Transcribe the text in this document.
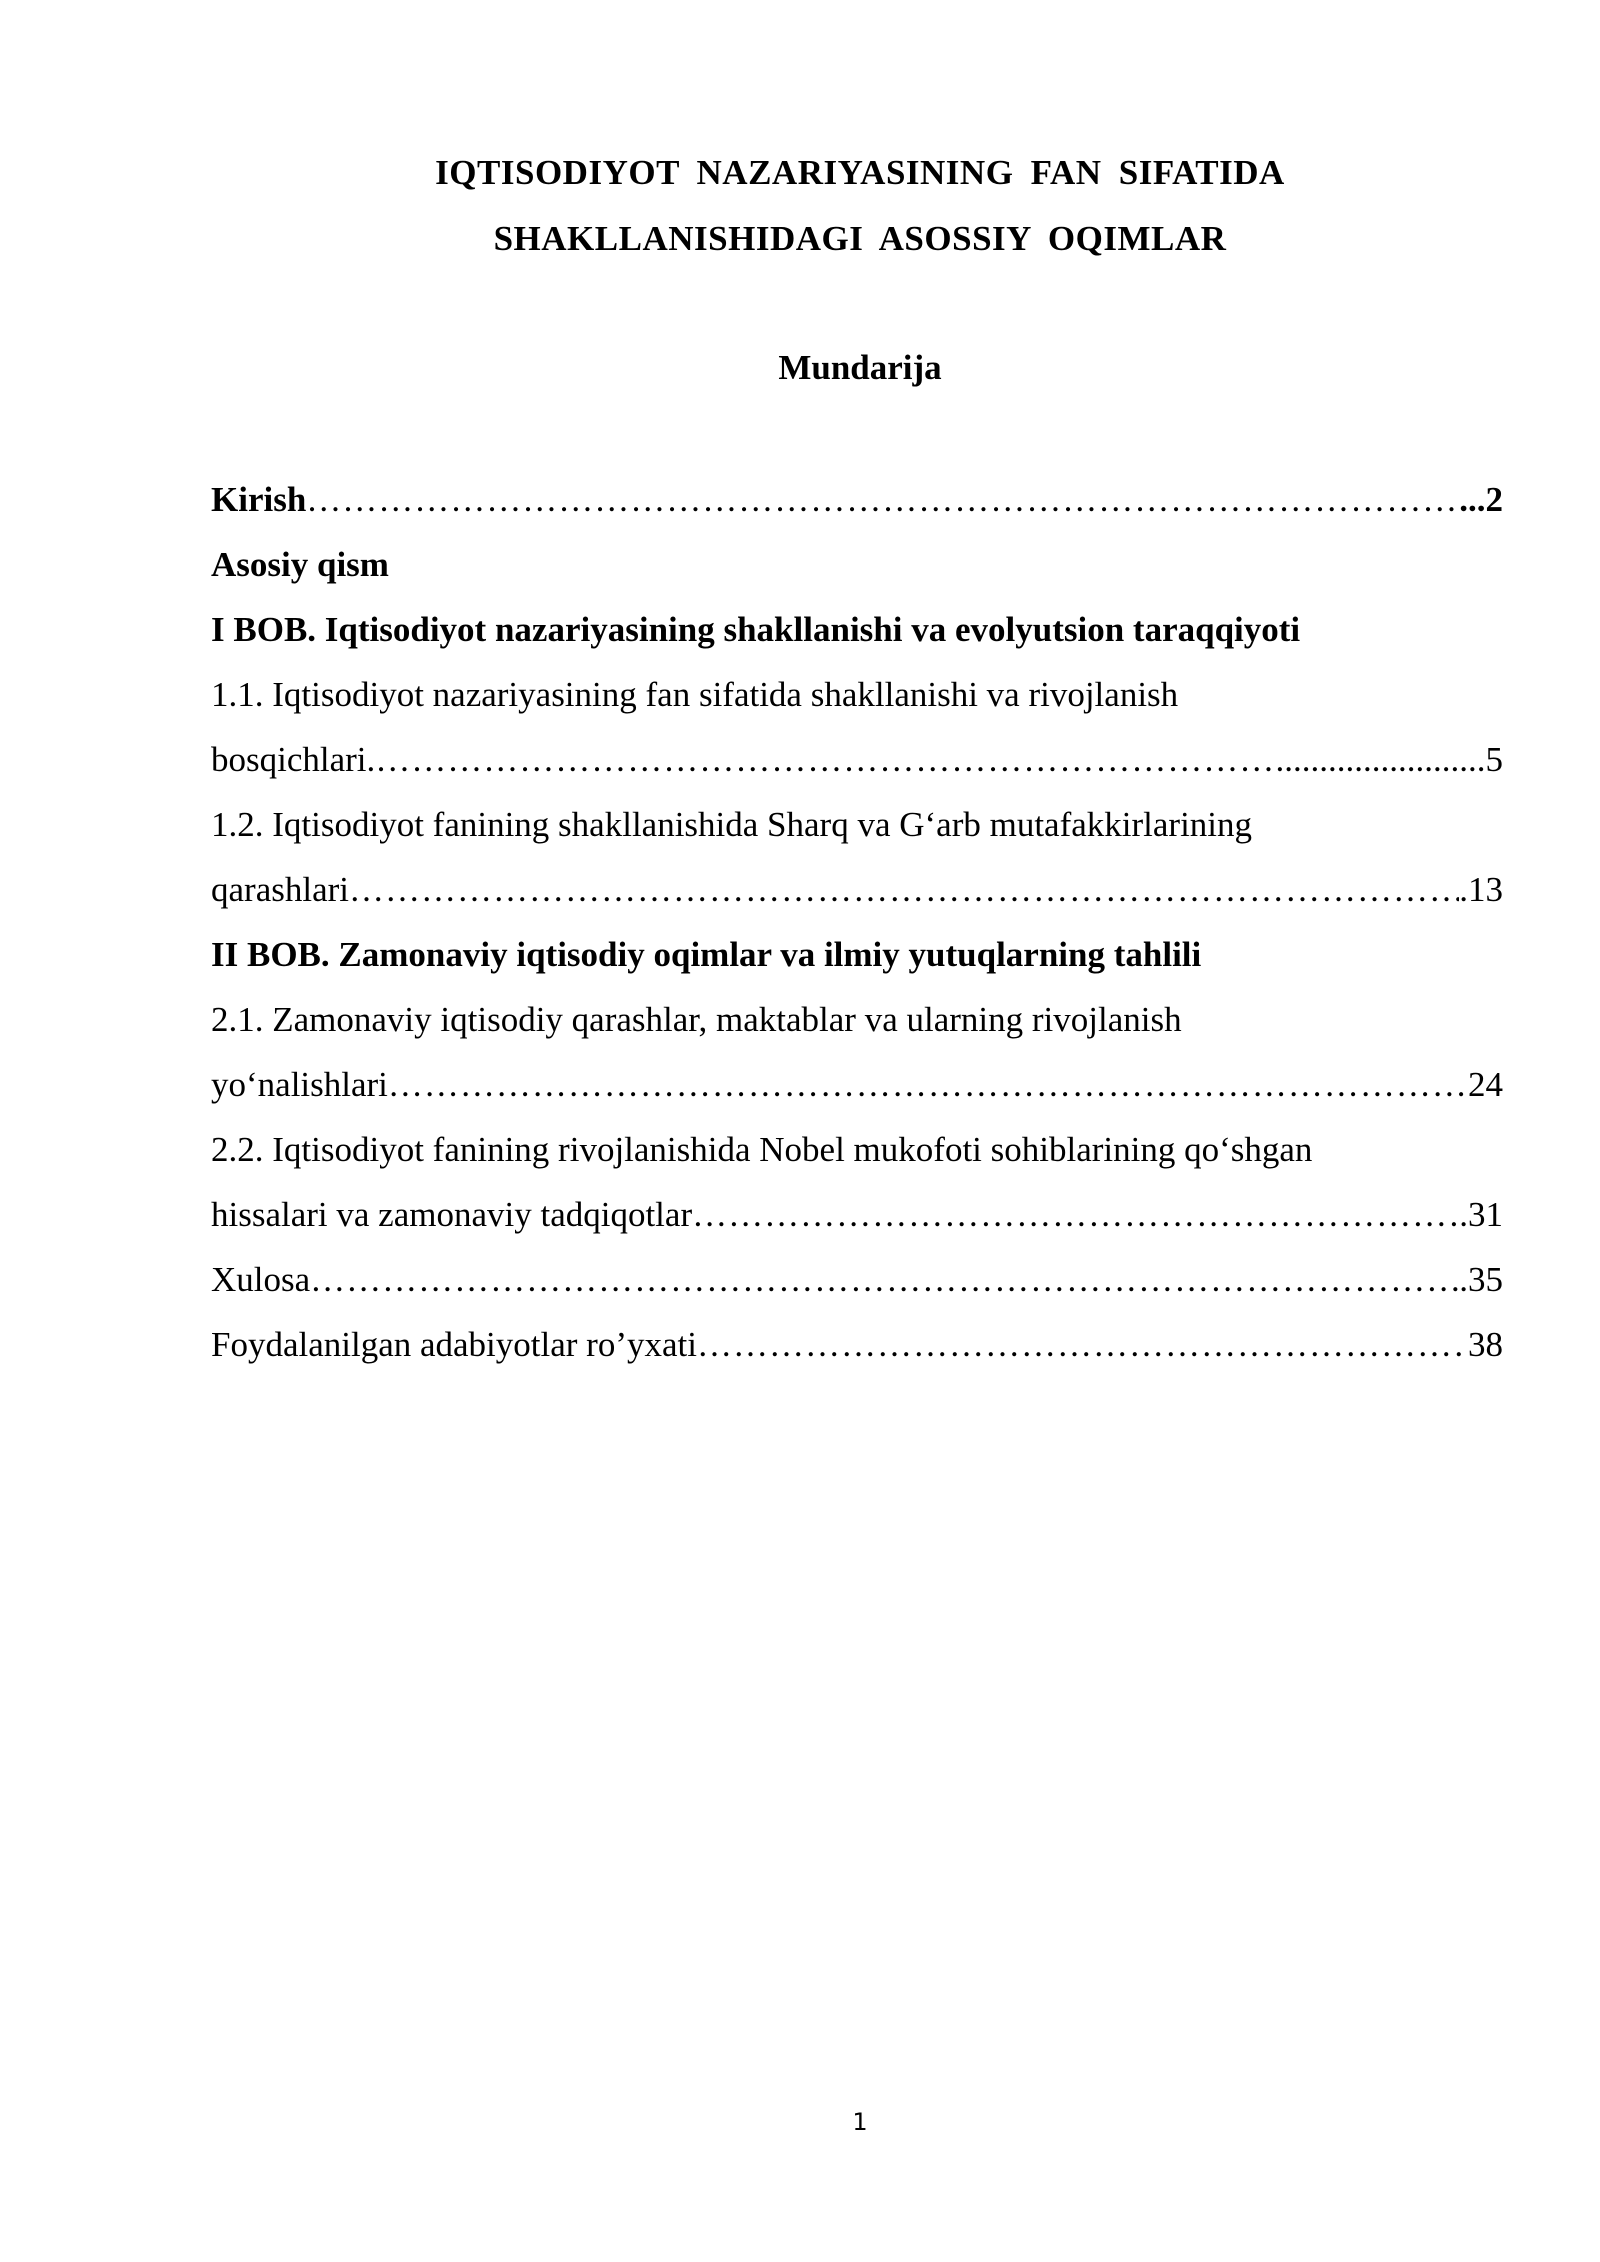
IQTISODIYOT NAZARIYASINING FAN SIFATIDA
SHAKLLANISHIDAGI ASOSSIY OQIMLAR
Mundarija
Kirish ……………………………………………………………………………………………………………………………………………………………	...2
Asosiy qism
I BOB. Iqtisodiyot nazariyasining shakllanishi va evolyutsion taraqqiyoti
1.1. Iqtisodiyot nazariyasining fan sifatida shakllanishi va rivojlanish
bosqichlari. ……………………………………………………………………………………………………………………………………………………………	........................5
1.2. Iqtisodiyot fanining shakllanishida Sharq va G‘arb mutafakkirlarining
qarashlari ……………………………………………………………………………………………………………………………………………………………	.13
II BOB. Zamonaviy iqtisodiy oqimlar va ilmiy yutuqlarning tahlili
2.1. Zamonaviy iqtisodiy qarashlar, maktablar va ularning rivojlanish
yo‘nalishlari ……………………………………………………………………………………………………………………………………………………………	24
2.2. Iqtisodiyot fanining rivojlanishida Nobel mukofoti sohiblarining qo‘shgan
hissalari va zamonaviy tadqiqotlar ……………………………………………………………………………………………………………………………………………………………	.31
Xulosa ……………………………………………………………………………………………………………………………………………………………	.35
Foydalanilgan adabiyotlar ro’yxati ……………………………………………………………………………………………………………………………………………………………	38
1
